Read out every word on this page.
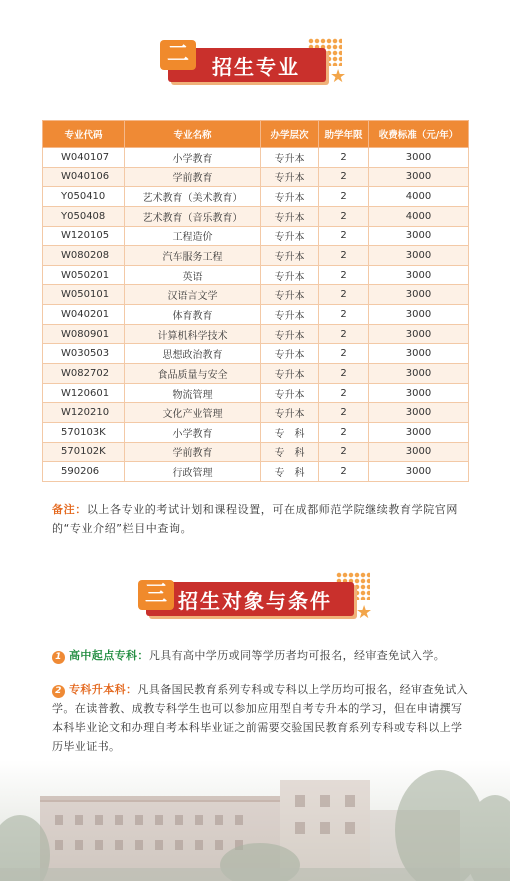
二	招生专业 ★
专业代码	专业名称	办学层次	助学年限	收费标准（元/年）
W040107	小学教育	专升本	2	3000
W040106	学前教育	专升本	2	3000
Y050410	艺术教育（美术教育）	专升本	2	4000
Y050408	艺术教育（音乐教育）	专升本	2	4000
W120105	工程造价	专升本	2	3000
W080208	汽车服务工程	专升本	2	3000
W050201	英语	专升本	2	3000
W050101	汉语言文学	专升本	2	3000
W040201	体育教育	专升本	2	3000
W080901	计算机科学技术	专升本	2	3000
W030503	思想政治教育	专升本	2	3000
W082702	食品质量与安全	专升本	2	3000
W120601	物流管理	专升本	2	3000
W120210	文化产业管理	专升本	2	3000
570103K	小学教育	专　科	2	3000
570102K	学前教育	专　科	2	3000
590206	行政管理	专　科	2	3000
备注：以上各专业的考试计划和课程设置，可在成都师范学院继续教育学院官网的“专业介绍”栏目中查询。
三 招生对象与条件 ★
1 高中起点专科：凡具有高中学历或同等学历者均可报名，经审查免试入学。
2 专科升本科：凡具备国民教育系列专科或专科以上学历均可报名，经审查免试入学。在读普教、成教专科学生也可以参加应用型自考专升本的学习，但在申请撰写本科毕业论文和办理自考本科毕业证之前需要交验国民教育系列专科或专科以上学历毕业证书。
